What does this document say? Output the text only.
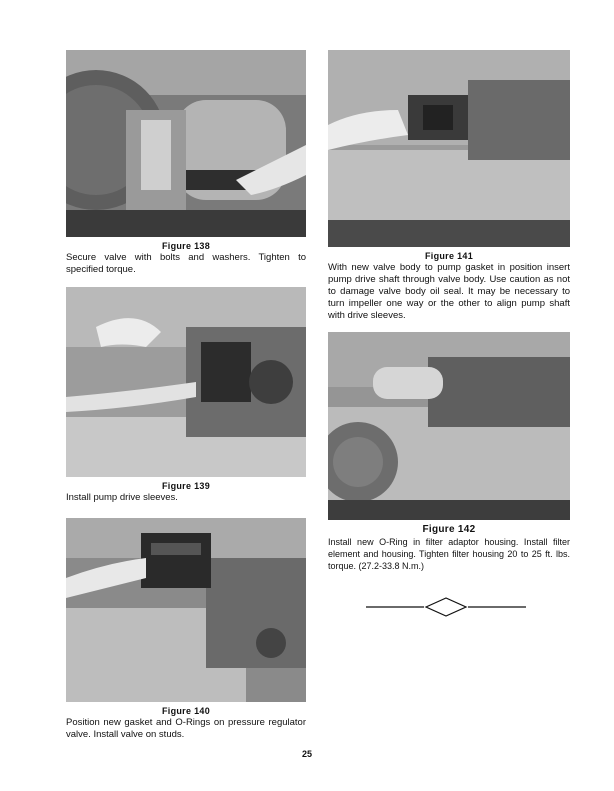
Figure 138
Secure valve with bolts and washers. Tighten to specified torque.
Figure 139
Install pump drive sleeves.
Figure 140
Position new gasket and O-Rings on pressure regulator valve. Install valve on studs.
Figure 141
With new valve body to pump gasket in position insert pump drive shaft through valve body. Use caution as not to damage valve body oil seal. It may be necessary to turn impeller one way or the other to align pump shaft with drive sleeves.
Figure 142
Install new O-Ring in filter adaptor housing. Install filter element and housing. Tighten filter housing 20 to 25 ft. lbs. torque. (27.2-33.8 N.m.)
25
